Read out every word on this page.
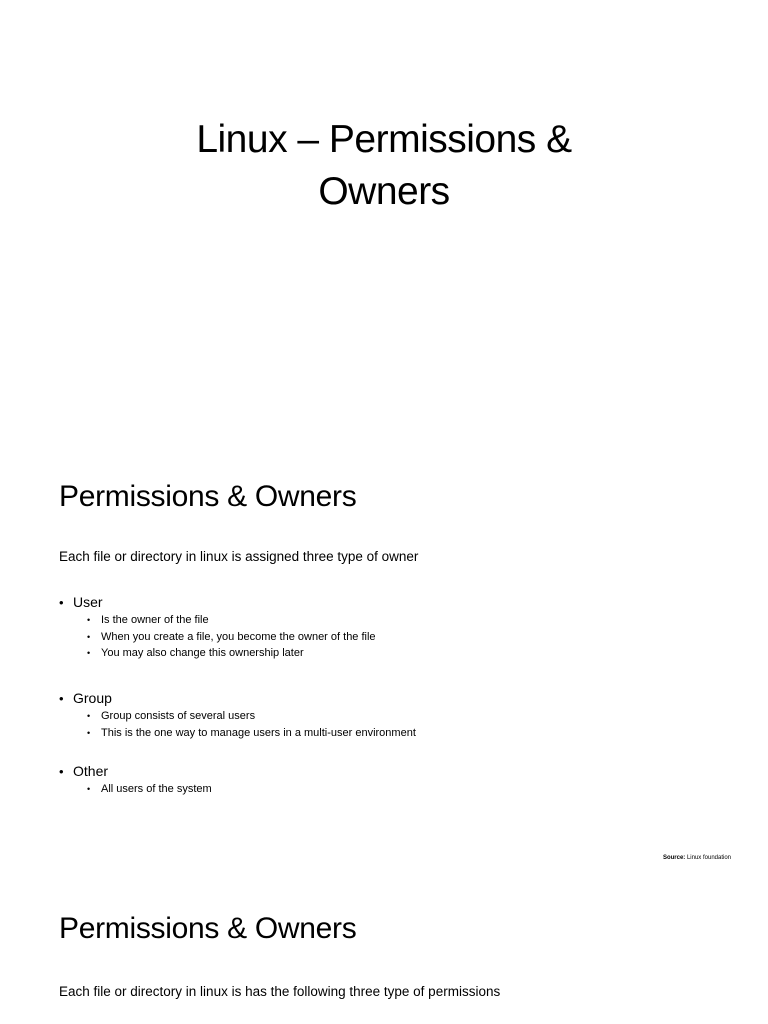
Linux – Permissions &
Owners
Permissions & Owners

Each file or directory in linux is assigned three type of owner

• User
• Is the owner of the file
• When you create a file, you become the owner of the file
• You may also change this ownership later
• Group
• Group consists of several users
• This is the one way to manage users in a multi-user environment
• Other
• All users of the system
Source: Linux foundation
Permissions & Owners

Each file or directory in linux is has the following three type of permissions
